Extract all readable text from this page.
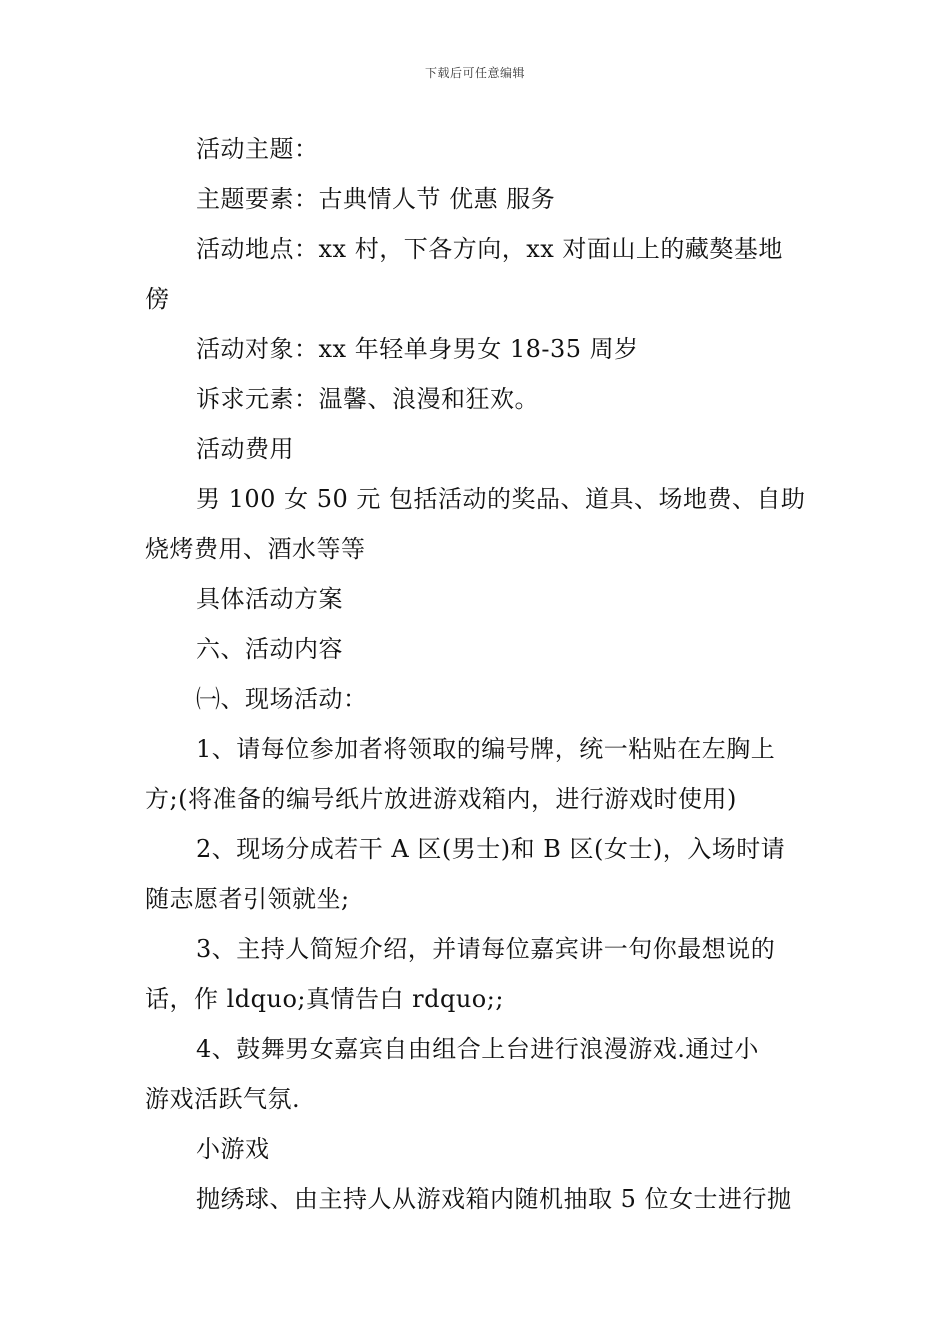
下载后可任意编辑

活动主题：

主题要素：古典情人节 优惠 服务

活动地点：xx 村，下各方向，xx 对面山上的藏獒基地

傍

活动对象：xx 年轻单身男女 18-35 周岁

诉求元素：温馨、浪漫和狂欢。

活动费用

男 100 女 50 元 包括活动的奖品、道具、场地费、自助

烧烤费用、酒水等等

具体活动方案

六、活动内容

㈠、现场活动：

1、请每位参加者将领取的编号牌，统一粘贴在左胸上

方;(将准备的编号纸片放进游戏箱内，进行游戏时使用)

2、现场分成若干 A 区(男士)和 B 区(女士)，入场时请

随志愿者引领就坐;

3、主持人简短介绍，并请每位嘉宾讲一句你最想说的

话，作 ldquo;真情告白 rdquo;;

4、鼓舞男女嘉宾自由组合上台进行浪漫游戏.通过小

游戏活跃气氛.

小游戏

抛绣球、由主持人从游戏箱内随机抽取 5 位女士进行抛
